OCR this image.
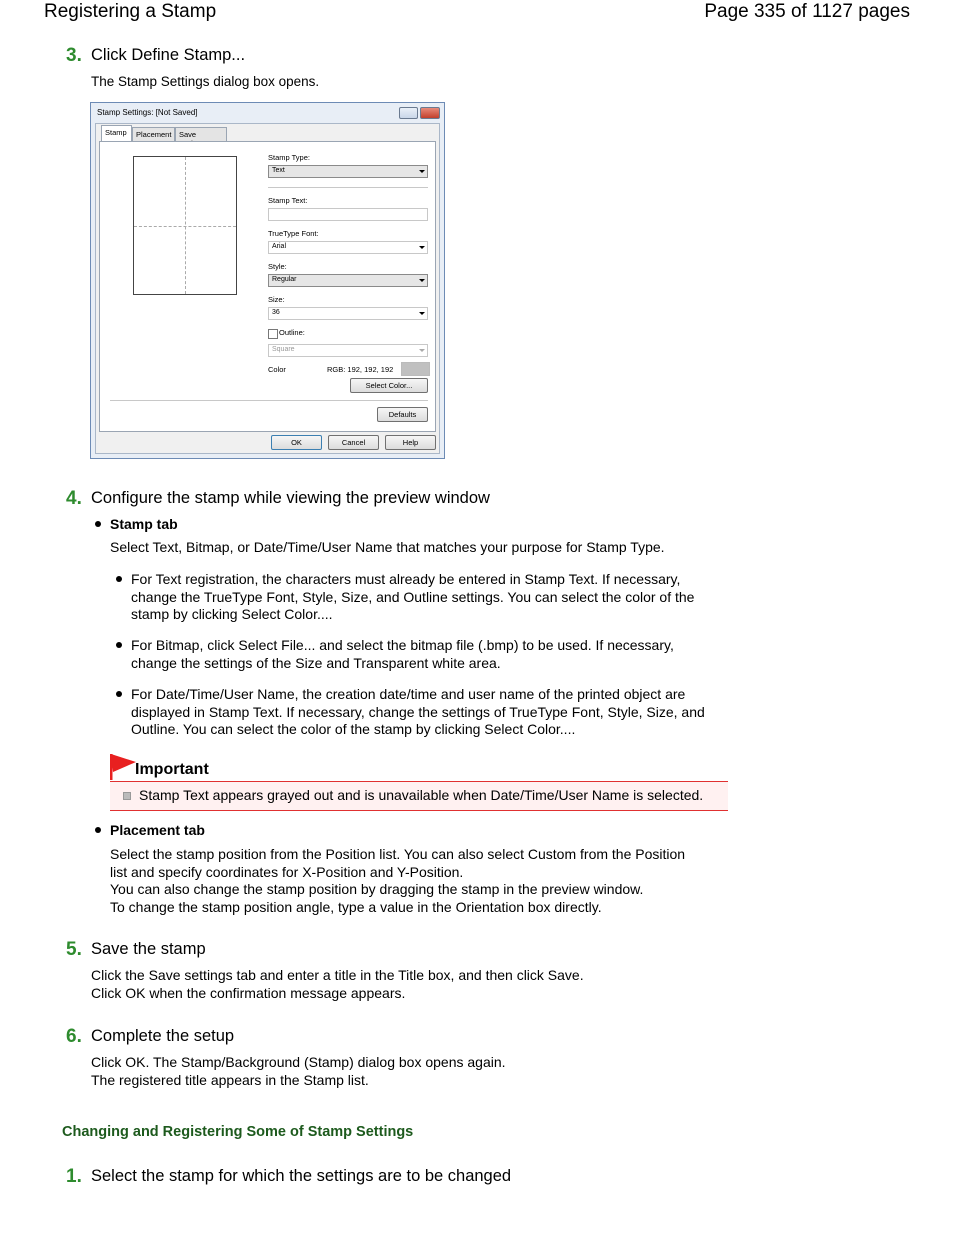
Registering a Stamp	Page 335 of 1127 pages
3. Click Define Stamp...
The Stamp Settings dialog box opens.
Stamp Settings: [Not Saved]
Stamp	Placement	Save
Stamp Type:
Text
Stamp Text:
TrueType Font:
Arial
Style:
Regular
Size:
36
Outline:
Square
Color	RGB: 192, 192, 192
Select Color...
Defaults
OK	Cancel	Help
4. Configure the stamp while viewing the preview window
Stamp tab
Select Text, Bitmap, or Date/Time/User Name that matches your purpose for Stamp Type.
For Text registration, the characters must already be entered in Stamp Text. If necessary,
change the TrueType Font, Style, Size, and Outline settings. You can select the color of the
stamp by clicking Select Color....
For Bitmap, click Select File... and select the bitmap file (.bmp) to be used. If necessary,
change the settings of the Size and Transparent white area.
For Date/Time/User Name, the creation date/time and user name of the printed object are
displayed in Stamp Text. If necessary, change the settings of TrueType Font, Style, Size, and
Outline. You can select the color of the stamp by clicking Select Color....
Important
Stamp Text appears grayed out and is unavailable when Date/Time/User Name is selected.
Placement tab
Select the stamp position from the Position list. You can also select Custom from the Position
list and specify coordinates for X-Position and Y-Position.
You can also change the stamp position by dragging the stamp in the preview window.
To change the stamp position angle, type a value in the Orientation box directly.
5. Save the stamp
Click the Save settings tab and enter a title in the Title box, and then click Save.
Click OK when the confirmation message appears.
6. Complete the setup
Click OK. The Stamp/Background (Stamp) dialog box opens again.
The registered title appears in the Stamp list.
Changing and Registering Some of Stamp Settings
1. Select the stamp for which the settings are to be changed
